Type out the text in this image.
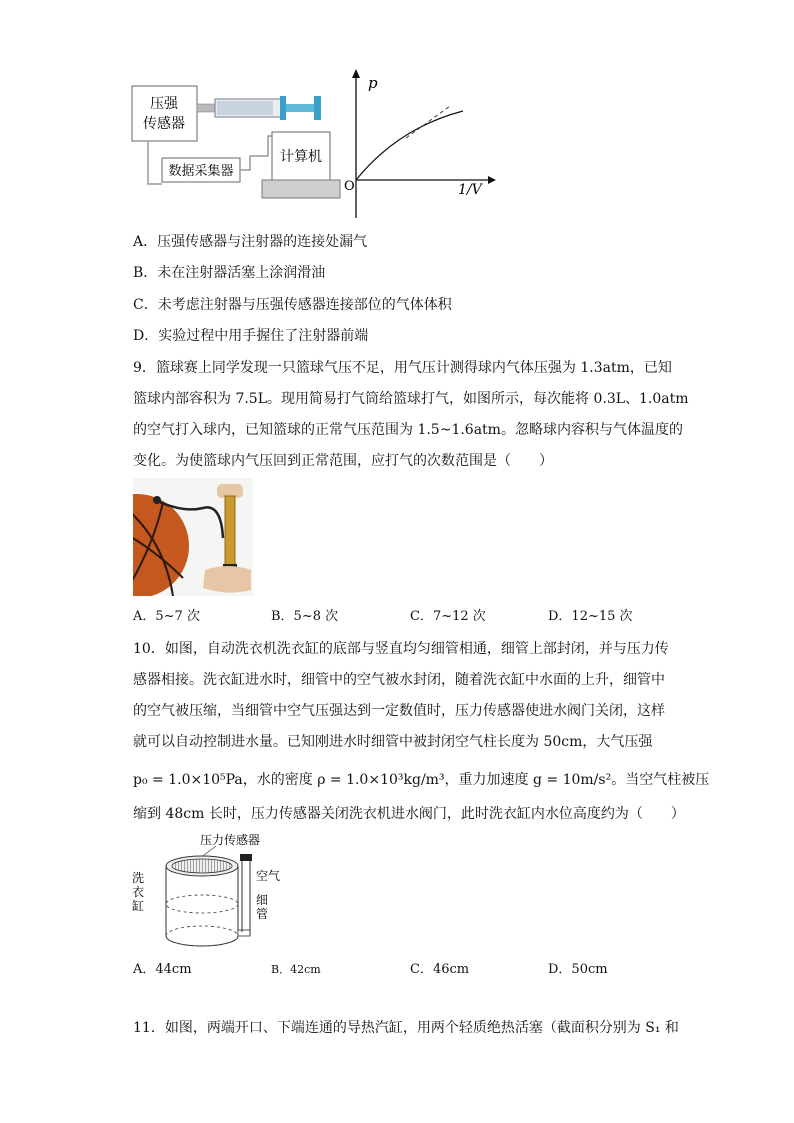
压强
传感器
数据采集器
计算机
p
O	1/V
A．压强传感器与注射器的连接处漏气
B．未在注射器活塞上涂润滑油
C．未考虑注射器与压强传感器连接部位的气体体积
D．实验过程中用手握住了注射器前端
9．篮球赛上同学发现一只篮球气压不足，用气压计测得球内气体压强为 1.3atm，已知
篮球内部容积为 7.5L。现用简易打气筒给篮球打气，如图所示，每次能将 0.3L、1.0atm
的空气打入球内，已知篮球的正常气压范围为 1.5~1.6atm。忽略球内容积与气体温度的
变化。为使篮球内气压回到正常范围，应打气的次数范围是（　　）
A．5~7 次	B．5~8 次	C．7~12 次	D．12~15 次
10．如图，自动洗衣机洗衣缸的底部与竖直均匀细管相通，细管上部封闭，并与压力传
感器相接。洗衣缸进水时，细管中的空气被水封闭，随着洗衣缸中水面的上升，细管中
的空气被压缩，当细管中空气压强达到一定数值时，压力传感器使进水阀门关闭，这样
就可以自动控制进水量。已知刚进水时细管中被封闭空气柱长度为 50cm，大气压强
p₀ = 1.0×10⁵Pa，水的密度 ρ = 1.0×10³kg/m³，重力加速度 g = 10m/s²。当空气柱被压
缩到 48cm 长时，压力传感器关闭洗衣机进水阀门，此时洗衣缸内水位高度约为（　　）
压力传感器
洗
衣
缸
空气
细
管
A．44cm	B．42cm	C．46cm	D．50cm
11．如图，两端开口、下端连通的导热汽缸，用两个轻质绝热活塞（截面积分别为 S₁ 和
